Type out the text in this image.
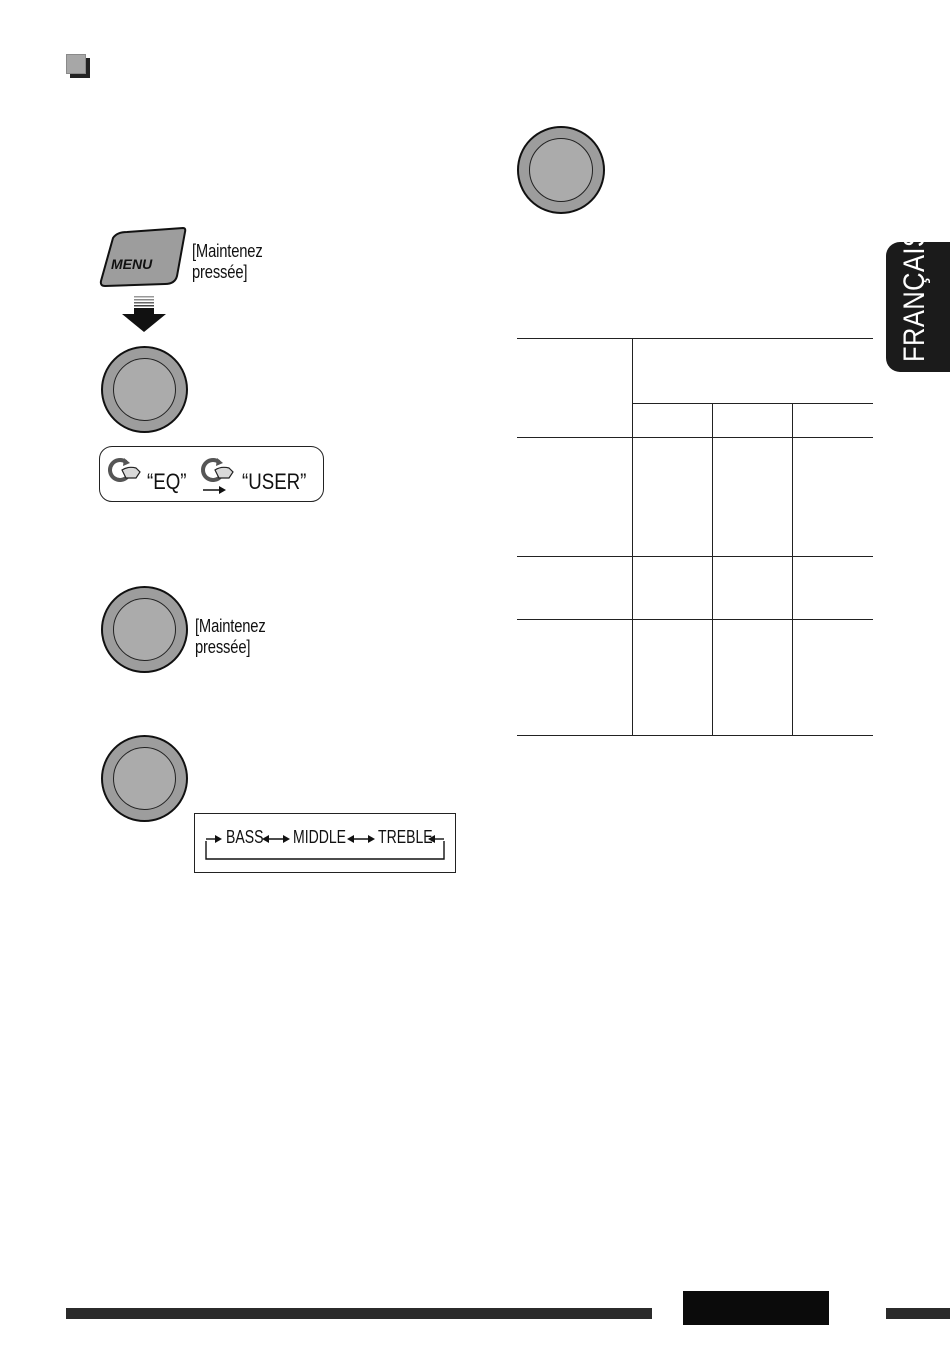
MENU
[Maintenez pressée]
“EQ”	“USER”
[Maintenez pressée]
BASS MIDDLE TREBLE
FRANÇAIS
